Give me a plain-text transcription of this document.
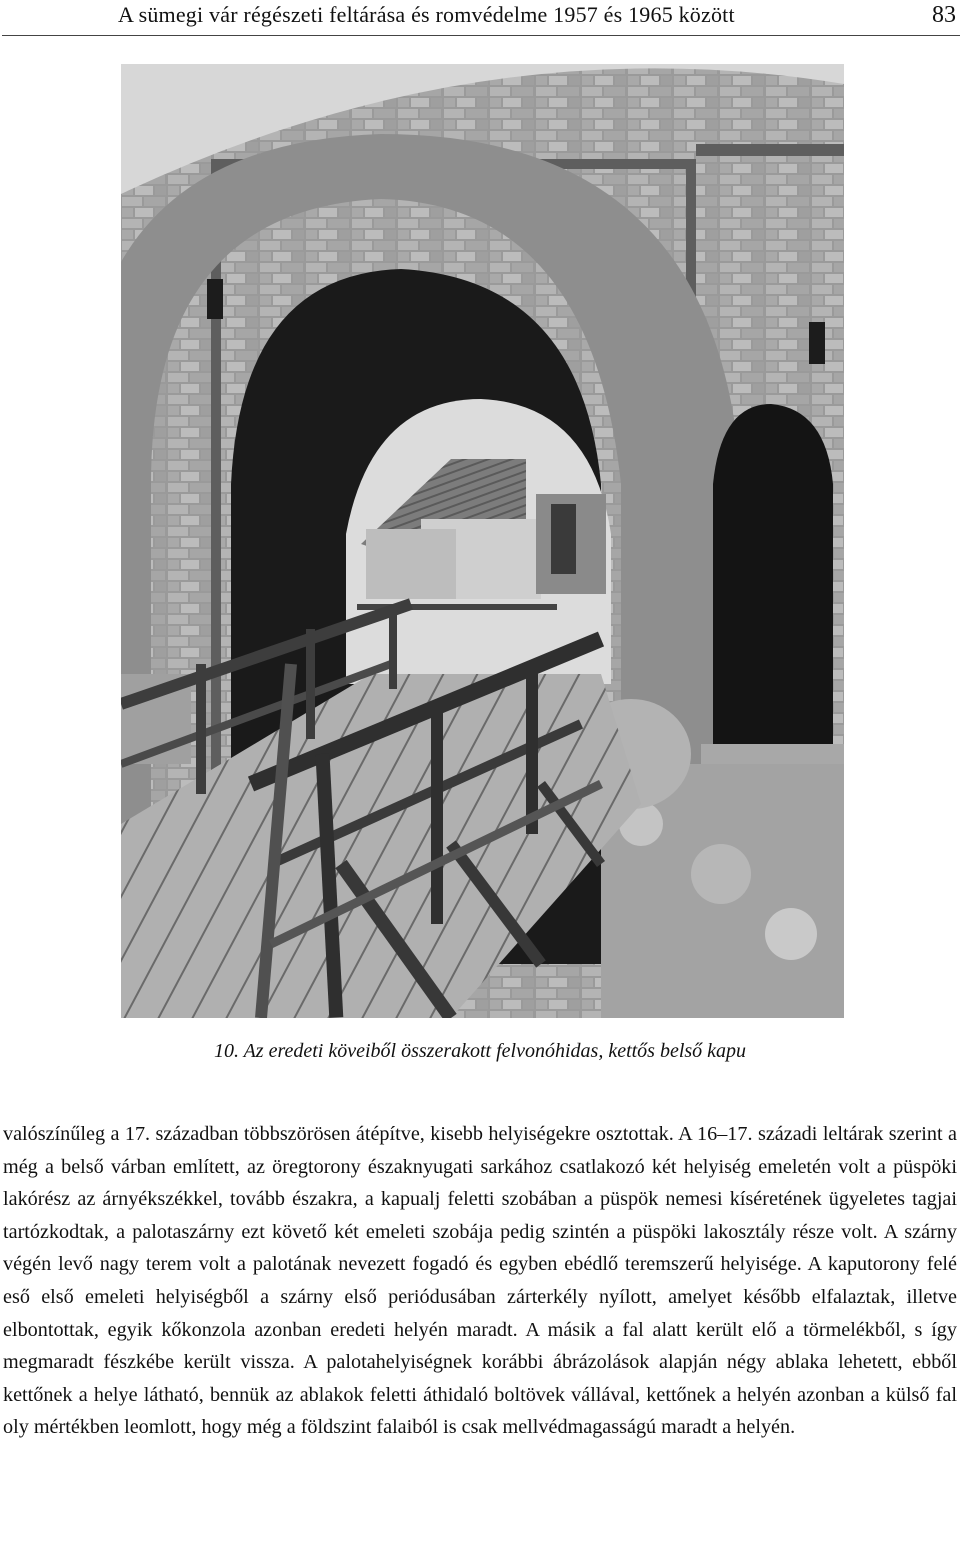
A sümegi vár régészeti feltárása és romvédelme 1957 és 1965 között	83
10. Az eredeti köveiből összerakott felvonóhidas, kettős belső kapu

valószínűleg a 17. században többszörösen átépítve, kisebb helyiségekre osztottak. A 16–17. századi leltárak szerint a még a belső várban említett, az öregtorony északnyugati sarkához csatlakozó két helyiség emeletén volt a püspöki lakórész az árnyékszékkel, tovább északra, a kapualj feletti szobában a püspök nemesi kíséretének ügyeletes tagjai tartózkodtak, a palotaszárny ezt követő két emeleti szobája pedig szintén a püspöki lakosztály része volt. A szárny végén levő nagy terem volt a palotának nevezett fogadó és egyben ebédlő teremszerű helyisége. A kaputorony felé eső első emeleti helyiségből a szárny első periódusában zárterkély nyílott, amelyet később elfalaztak, illetve elbontottak, egyik kőkonzola azonban eredeti helyén maradt. A másik a fal alatt került elő a törmelékből, s így megmaradt fészkébe került vissza. A palotahelyiségnek korábbi ábrázolások alapján négy ablaka lehetett, ebből kettőnek a helye látható, bennük az ablakok feletti áthidaló boltövek vállával, kettőnek a helyén azonban a külső fal oly mértékben leomlott, hogy még a földszint falaiból is csak mellvédmagasságú maradt a helyén.
